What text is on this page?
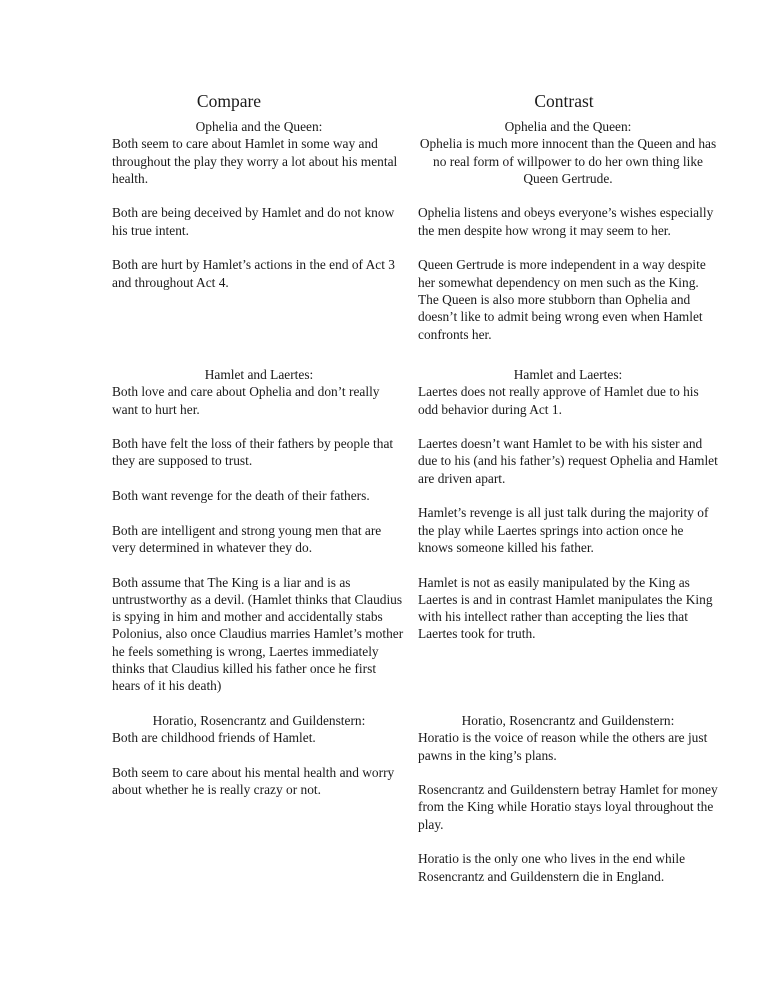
Compare

Ophelia and the Queen:

Both seem to care about Hamlet in some way and throughout the play they worry a lot about his mental health.

Both are being deceived by Hamlet and do not know his true intent.

Both are hurt by Hamlet’s actions in the end of Act 3 and throughout Act 4.

Hamlet and Laertes:

Both love and care about Ophelia and don’t really want to hurt her.

Both have felt the loss of their fathers by people that they are supposed to trust.

Both want revenge for the death of their fathers.

Both are intelligent and strong young men that are very determined in whatever they do.

Both assume that The King is a liar and is as untrustworthy as a devil. (Hamlet thinks that Claudius is spying in him and mother and accidentally stabs Polonius, also once Claudius marries Hamlet’s mother he feels something is wrong, Laertes immediately thinks that Claudius killed his father once he first hears of it his death)

Horatio, Rosencrantz and Guildenstern:

Both are childhood friends of Hamlet.

Both seem to care about his mental health and worry about whether he is really crazy or not.

Contrast

Ophelia and the Queen:

Ophelia is much more innocent than the Queen and has no real form of willpower to do her own thing like Queen Gertrude.

Ophelia listens and obeys everyone’s wishes especially the men despite how wrong it may seem to her.

Queen Gertrude is more independent in a way despite her somewhat dependency on men such as the King. The Queen is also more stubborn than Ophelia and doesn’t like to admit being wrong even when Hamlet confronts her.

Hamlet and Laertes:

Laertes does not really approve of Hamlet due to his odd behavior during Act 1.

Laertes doesn’t want Hamlet to be with his sister and due to his (and his father’s) request Ophelia and Hamlet are driven apart.

Hamlet’s revenge is all just talk during the majority of the play while Laertes springs into action once he knows someone killed his father.

Hamlet is not as easily manipulated by the King as Laertes is and in contrast Hamlet manipulates the King with his intellect rather than accepting the lies that Laertes took for truth.

Horatio, Rosencrantz and Guildenstern:

Horatio is the voice of reason while the others are just pawns in the king’s plans.

Rosencrantz and Guildenstern betray Hamlet for money from the King while Horatio stays loyal throughout the play.

Horatio is the only one who lives in the end while Rosencrantz and Guildenstern die in England.
